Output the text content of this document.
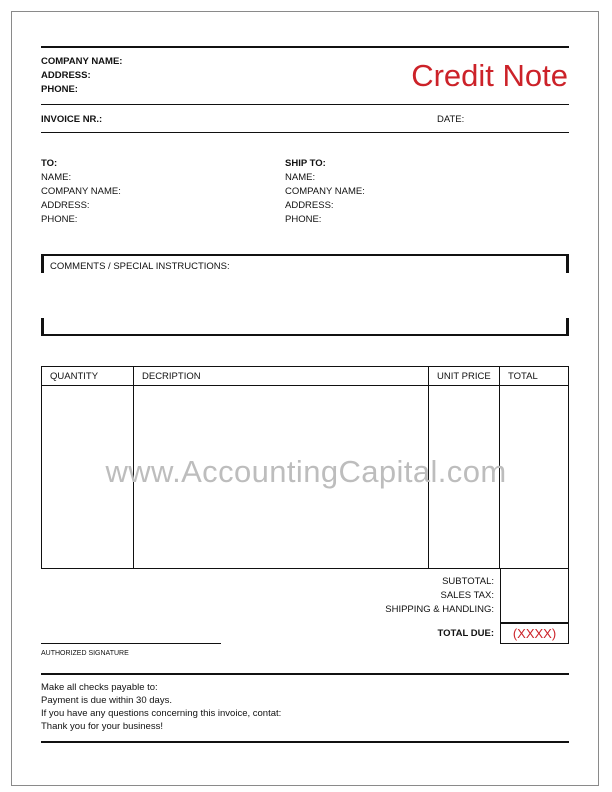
COMPANY NAME:
ADDRESS:
PHONE:	Credit Note
INVOICE NR.:	DATE:
TO:
NAME:
COMPANY NAME:
ADDRESS:
PHONE:
SHIP TO:
NAME:
COMPANY NAME:
ADDRESS:
PHONE:
COMMENTS / SPECIAL INSTRUCTIONS:
QUANTITY	DECRIPTION	UNIT PRICE	TOTAL

www.AccountingCapital.com
SUBTOTAL:
SALES TAX:
SHIPPING & HANDLING:
TOTAL DUE:	(XXXX)
AUTHORIZED SIGNATURE
Make all checks payable to:
Payment is due within 30 days.
If you have any questions concerning this invoice, contat:
Thank you for your business!
